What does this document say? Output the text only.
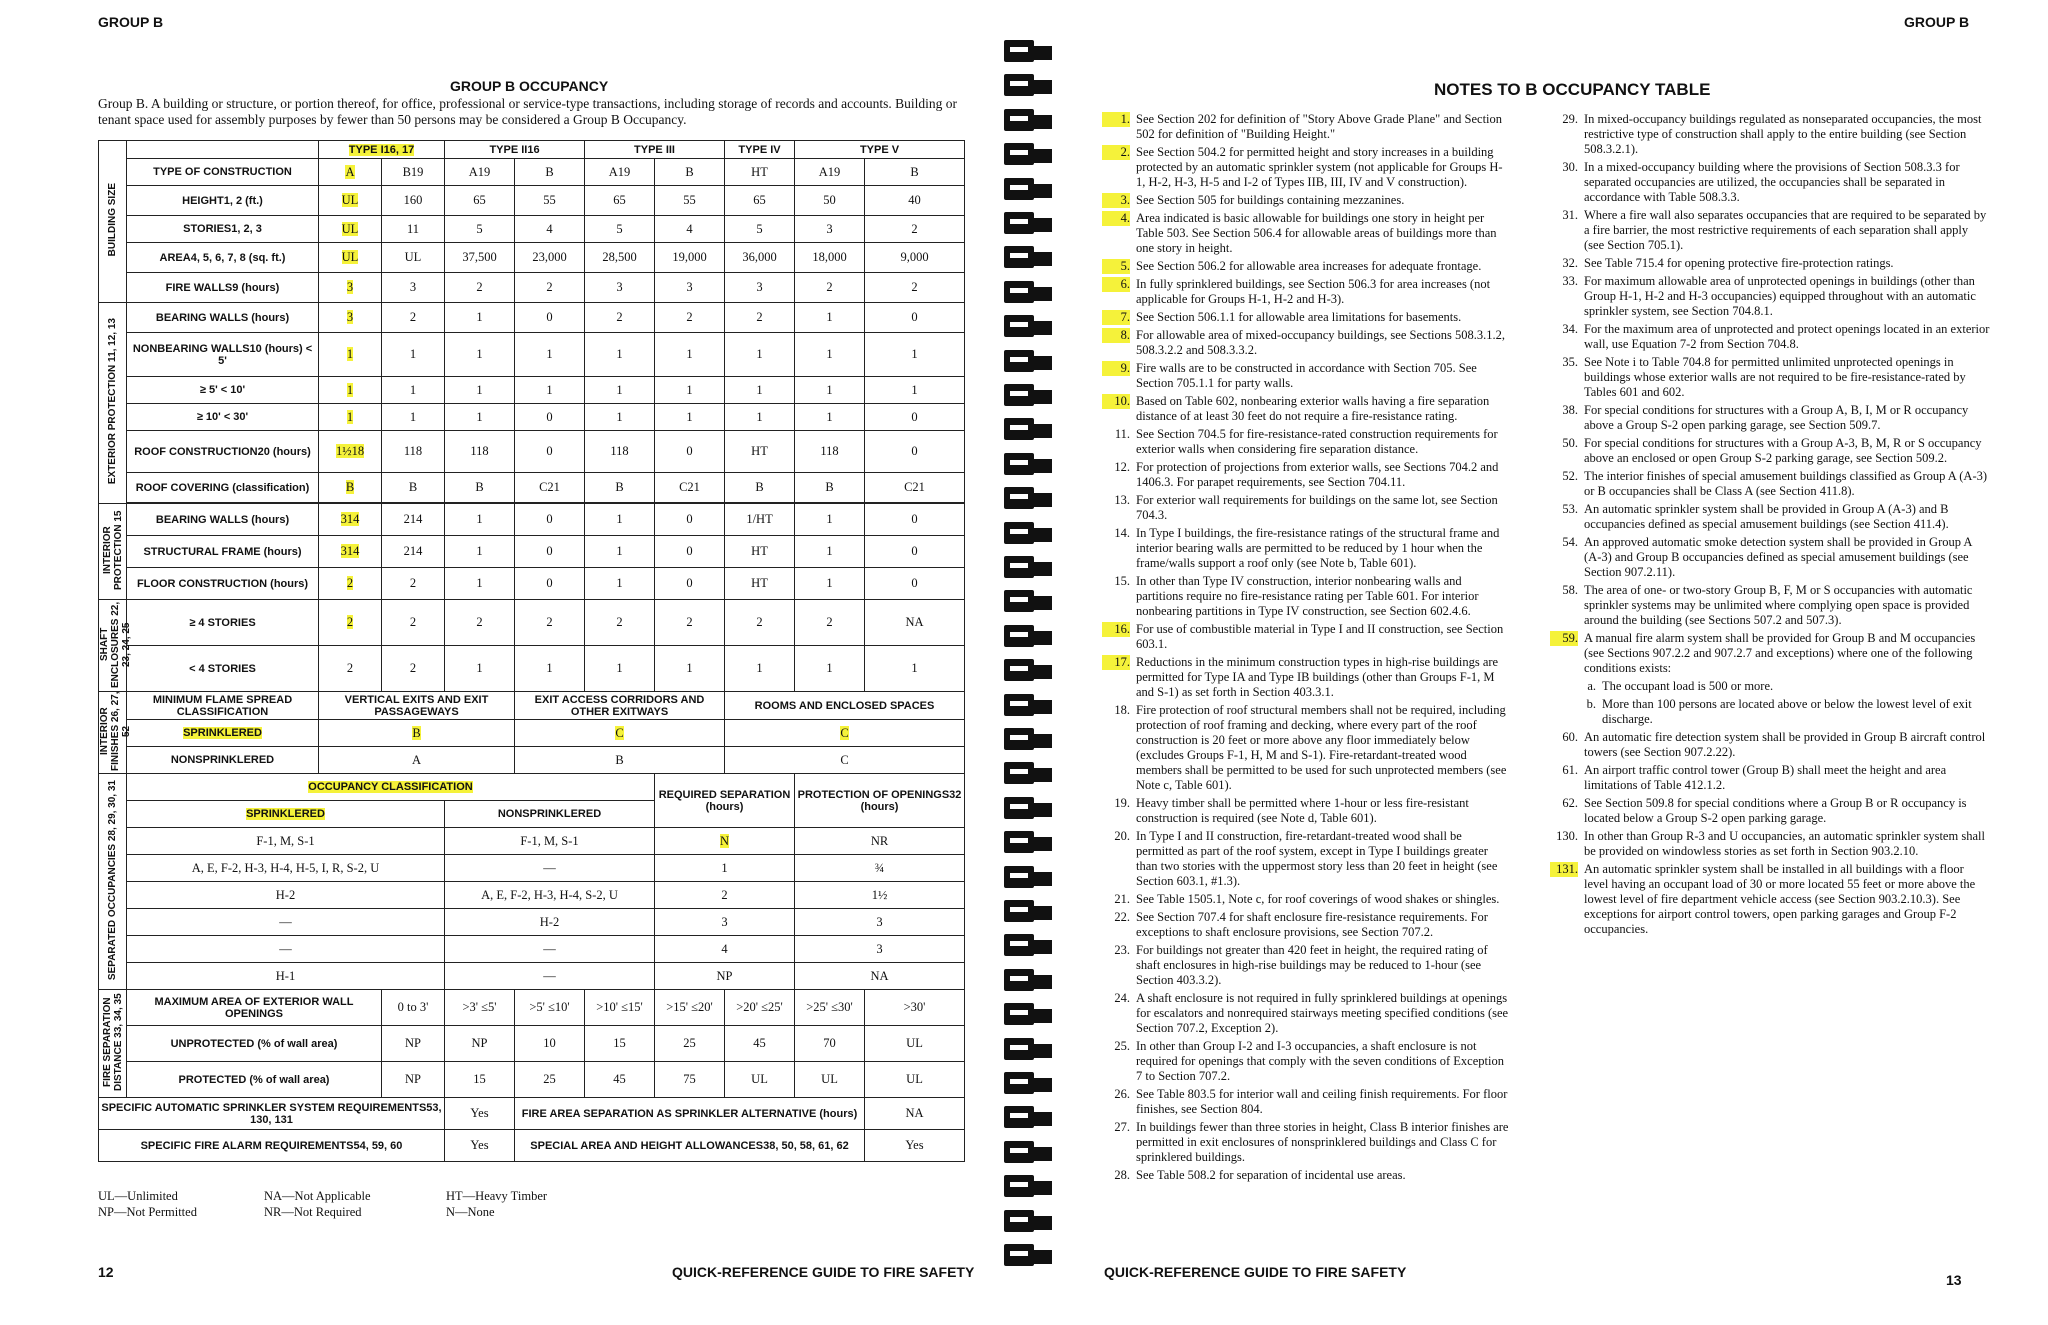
GROUP B
GROUP B OCCUPANCY
Group B. A building or structure, or portion thereof, for office, professional or service-type transactions, including storage of records and accounts. Building or tenant space used for assembly purposes by fewer than 50 persons may be considered a Group B Occupancy.
BUILDING SIZE		TYPE I16, 17		TYPE II16		TYPE III		TYPE IV	TYPE V	
	TYPE OF CONSTRUCTION	A	B19	A19	B	A19	B	HT	A19	B
	HEIGHT1, 2 (ft.)	UL	160	65	55	65	55	65	50	40
	STORIES1, 2, 3	UL	11	5	4	5	4	5	3	2
	AREA4, 5, 6, 7, 8 (sq. ft.)	UL	UL	37,500	23,000	28,500	19,000	36,000	18,000	9,000
	FIRE WALLS9 (hours)	3	3	2	2	3	3	3	2	2
EXTERIOR PROTECTION 11, 12, 13	BEARING WALLS (hours)	3	2	1	0	2	2	2	1	0
	NONBEARING WALLS10 (hours) < 5'	1	1	1	1	1	1	1	1	1
	≥ 5' < 10'	1	1	1	1	1	1	1	1	1
	≥ 10' < 30'	1	1	1	0	1	1	1	1	0
	ROOF CONSTRUCTION20 (hours)	1½18	118	118	0	118	0	HT	118	0
	ROOF COVERING (classification)	B	B	B	C21	B	C21	B	B	C21

INTERIOR PROTECTION 15	BEARING WALLS (hours)	314	214	1	0	1	0	1/HT	1	0
	STRUCTURAL FRAME (hours)	314	214	1	0	1	0	HT	1	0
	FLOOR CONSTRUCTION (hours)	2	2	1	0	1	0	HT	1	0
SHAFT ENCLOSURES 22, 23, 24, 25	≥ 4 STORIES	2	2	2	2	2	2	2	2	NA
	< 4 STORIES	2	2	1	1	1	1	1	1	1
INTERIOR FINISHES 26, 27, 52	MINIMUM FLAME SPREAD CLASSIFICATION	VERTICAL EXITS AND EXIT PASSAGEWAYS			EXIT ACCESS CORRIDORS AND OTHER EXITWAYS			ROOMS AND ENCLOSED SPACES		
	SPRINKLERED	B			C			C		
	NONSPRINKLERED	A			B			C		
SEPARATED OCCUPANCIES 28, 29, 30, 31	OCCUPANCY CLASSIFICATION						REQUIRED SEPARATION (hours)		PROTECTION OF OPENINGS32 (hours)	
	SPRINKLERED			NONSPRINKLERED						
	F-1, M, S-1			F-1, M, S-1			N		NR	
	A, E, F-2, H-3, H-4, H-5, I, R, S-2, U			—			1		¾	
	H-2			A, E, F-2, H-3, H-4, S-2, U			2		1½	
	—			H-2			3		3	
	—			—			4		3	
	H-1			—			NP		NA	
FIRE SEPARATION DISTANCE 33, 34, 35	MAXIMUM AREA OF EXTERIOR WALL OPENINGS		0 to 3'	>3' ≤5'	>5' ≤10'	>10' ≤15'	>15' ≤20'	>20' ≤25'	>25' ≤30'	>30'
	UNPROTECTED (% of wall area)		NP	NP	10	15	25	45	70	UL
	PROTECTED (% of wall area)		NP	15	25	45	75	UL	UL	UL
SPECIFIC AUTOMATIC SPRINKLER SYSTEM REQUIREMENTS53, 130, 131				Yes	FIRE AREA SEPARATION AS SPRINKLER ALTERNATIVE (hours)					NA
SPECIFIC FIRE ALARM REQUIREMENTS54, 59, 60				Yes	SPECIAL AREA AND HEIGHT ALLOWANCES38, 50, 58, 61, 62					Yes
UL—Unlimited
NP—Not Permitted
NA—Not Applicable
NR—Not Required
HT—Heavy Timber
N—None
12	QUICK-REFERENCE GUIDE TO FIRE SAFETY
GROUP B
NOTES TO B OCCUPANCY TABLE
1. See Section 202 for definition of "Story Above Grade Plane" and Section 502 for definition of "Building Height."
2. See Section 504.2 for permitted height and story increases in a building protected by an automatic sprinkler system (not applicable for Groups H-1, H-2, H-3, H-5 and I-2 of Types IIB, III, IV and V construction).
3. See Section 505 for buildings containing mezzanines.
4. Area indicated is basic allowable for buildings one story in height per Table 503. See Section 506.4 for allowable areas of buildings more than one story in height.
5. See Section 506.2 for allowable area increases for adequate frontage.
6. In fully sprinklered buildings, see Section 506.3 for area increases (not applicable for Groups H-1, H-2 and H-3).
7. See Section 506.1.1 for allowable area limitations for basements.
8. For allowable area of mixed-occupancy buildings, see Sections 508.3.1.2, 508.3.2.2 and 508.3.3.2.
9. Fire walls are to be constructed in accordance with Section 705. See Section 705.1.1 for party walls.
10. Based on Table 602, nonbearing exterior walls having a fire separation distance of at least 30 feet do not require a fire-resistance rating.
11. See Section 704.5 for fire-resistance-rated construction requirements for exterior walls when considering fire separation distance.
12. For protection of projections from exterior walls, see Sections 704.2 and 1406.3. For parapet requirements, see Section 704.11.
13. For exterior wall requirements for buildings on the same lot, see Section 704.3.
14. In Type I buildings, the fire-resistance ratings of the structural frame and interior bearing walls are permitted to be reduced by 1 hour when the frame/walls support a roof only (see Note b, Table 601).
15. In other than Type IV construction, interior nonbearing walls and partitions require no fire-resistance rating per Table 601. For interior nonbearing partitions in Type IV construction, see Section 602.4.6.
16. For use of combustible material in Type I and II construction, see Section 603.1.
17. Reductions in the minimum construction types in high-rise buildings are permitted for Type IA and Type IB buildings (other than Groups F-1, M and S-1) as set forth in Section 403.3.1.
18. Fire protection of roof structural members shall not be required, including protection of roof framing and decking, where every part of the roof construction is 20 feet or more above any floor immediately below (excludes Groups F-1, H, M and S-1). Fire-retardant-treated wood members shall be permitted to be used for such unprotected members (see Note c, Table 601).
19. Heavy timber shall be permitted where 1-hour or less fire-resistant construction is required (see Note d, Table 601).
20. In Type I and II construction, fire-retardant-treated wood shall be permitted as part of the roof system, except in Type I buildings greater than two stories with the uppermost story less than 20 feet in height (see Section 603.1, #1.3).
21. See Table 1505.1, Note c, for roof coverings of wood shakes or shingles.
22. See Section 707.4 for shaft enclosure fire-resistance requirements. For exceptions to shaft enclosure provisions, see Section 707.2.
23. For buildings not greater than 420 feet in height, the required rating of shaft enclosures in high-rise buildings may be reduced to 1-hour (see Section 403.3.2).
24. A shaft enclosure is not required in fully sprinklered buildings at openings for escalators and nonrequired stairways meeting specified conditions (see Section 707.2, Exception 2).
25. In other than Group I-2 and I-3 occupancies, a shaft enclosure is not required for openings that comply with the seven conditions of Exception 7 to Section 707.2.
26. See Table 803.5 for interior wall and ceiling finish requirements. For floor finishes, see Section 804.
27. In buildings fewer than three stories in height, Class B interior finishes are permitted in exit enclosures of nonsprinklered buildings and Class C for sprinklered buildings.
28. See Table 508.2 for separation of incidental use areas.
29. In mixed-occupancy buildings regulated as nonseparated occupancies, the most restrictive type of construction shall apply to the entire building (see Section 508.3.2.1).
30. In a mixed-occupancy building where the provisions of Section 508.3.3 for separated occupancies are utilized, the occupancies shall be separated in accordance with Table 508.3.3.
31. Where a fire wall also separates occupancies that are required to be separated by a fire barrier, the most restrictive requirements of each separation shall apply (see Section 705.1).
32. See Table 715.4 for opening protective fire-protection ratings.
33. For maximum allowable area of unprotected openings in buildings (other than Group H-1, H-2 and H-3 occupancies) equipped throughout with an automatic sprinkler system, see Section 704.8.1.
34. For the maximum area of unprotected and protect openings located in an exterior wall, use Equation 7-2 from Section 704.8.
35. See Note i to Table 704.8 for permitted unlimited unprotected openings in buildings whose exterior walls are not required to be fire-resistance-rated by Tables 601 and 602.
38. For special conditions for structures with a Group A, B, I, M or R occupancy above a Group S-2 open parking garage, see Section 509.7.
50. For special conditions for structures with a Group A-3, B, M, R or S occupancy above an enclosed or open Group S-2 parking garage, see Section 509.2.
52. The interior finishes of special amusement buildings classified as Group A (A-3) or B occupancies shall be Class A (see Section 411.8).
53. An automatic sprinkler system shall be provided in Group A (A-3) and B occupancies defined as special amusement buildings (see Section 411.4).
54. An approved automatic smoke detection system shall be provided in Group A (A-3) and Group B occupancies defined as special amusement buildings (see Section 907.2.11).
58. The area of one- or two-story Group B, F, M or S occupancies with automatic sprinkler systems may be unlimited where complying open space is provided around the building (see Sections 507.2 and 507.3).
59. A manual fire alarm system shall be provided for Group B and M occupancies (see Sections 907.2.2 and 907.2.7 and exceptions) where one of the following conditions exists:
a. The occupant load is 500 or more.
b. More than 100 persons are located above or below the lowest level of exit discharge.
60. An automatic fire detection system shall be provided in Group B aircraft control towers (see Section 907.2.22).
61. An airport traffic control tower (Group B) shall meet the height and area limitations of Table 412.1.2.
62. See Section 509.8 for special conditions where a Group B or R occupancy is located below a Group S-2 open parking garage.
130. In other than Group R-3 and U occupancies, an automatic sprinkler system shall be provided on windowless stories as set forth in Section 903.2.10.
131. An automatic sprinkler system shall be installed in all buildings with a floor level having an occupant load of 30 or more located 55 feet or more above the lowest level of fire department vehicle access (see Section 903.2.10.3). See exceptions for airport control towers, open parking garages and Group F-2 occupancies.
QUICK-REFERENCE GUIDE TO FIRE SAFETY	13
